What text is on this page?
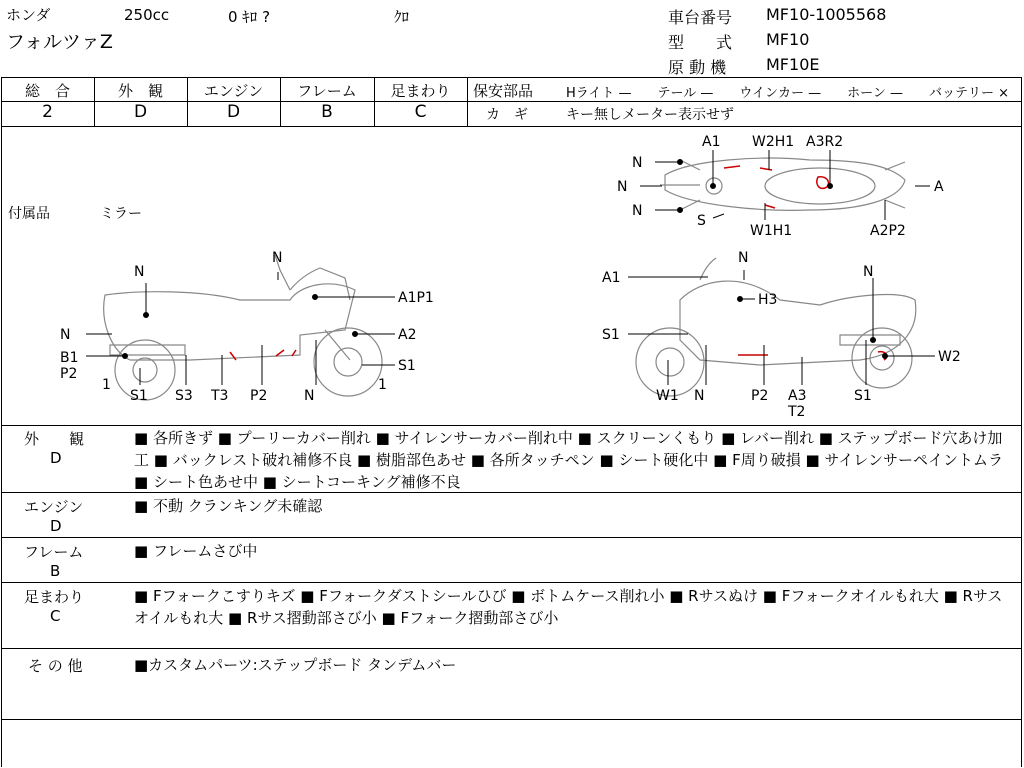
ホンダ	250cc	0 ｷﾛ ?	ｸﾛ
フォルツァZ
車台番号 MF10-1005568
型　　式 MF10
原 動 機 MF10E
総　合	外　観	エンジン	フレーム	足まわり
2	D	D	B	C
保安部品	Hライト —　　テール —　　ウインカー —　　ホーン —　　バッテリー ×
カ　ギ	キー無しメーター表示せず
付属品	ミラー
N
N
N
A1 W2H1 A3R2
A
S
W1H1	A2P2
N
N
A1P1
N	A2
B1
P2	S1
1
S1 S3 T3 P2	N
1
N
A1	N
H3
S1
W2
W1 N	P2 A3
T2
S1
外　　観
D
■ 各所きず ■ プーリーカバー削れ ■ サイレンサーカバー削れ中 ■ スクリーンくもり ■ レバー削れ ■ ステップボード穴あけ加工 ■ バックレスト破れ補修不良 ■ 樹脂部色あせ ■ 各所タッチペン ■ シート硬化中 ■ F周り破損 ■ サイレンサーペイントムラ ■ シート色あせ中 ■ シートコーキング補修不良
エンジン
D
■ 不動 クランキング未確認
フレーム
B
■ フレームさび中
足まわり
C
■ Fフォークこすりキズ ■ Fフォークダストシールひび ■ ボトムケース削れ小 ■ Rサスぬけ ■ Fフォークオイルもれ大 ■ Rサスオイルもれ大 ■ Rサス摺動部さび小 ■ Fフォーク摺動部さび小
そ の 他	■カスタムパーツ:ステップボード タンデムバー
